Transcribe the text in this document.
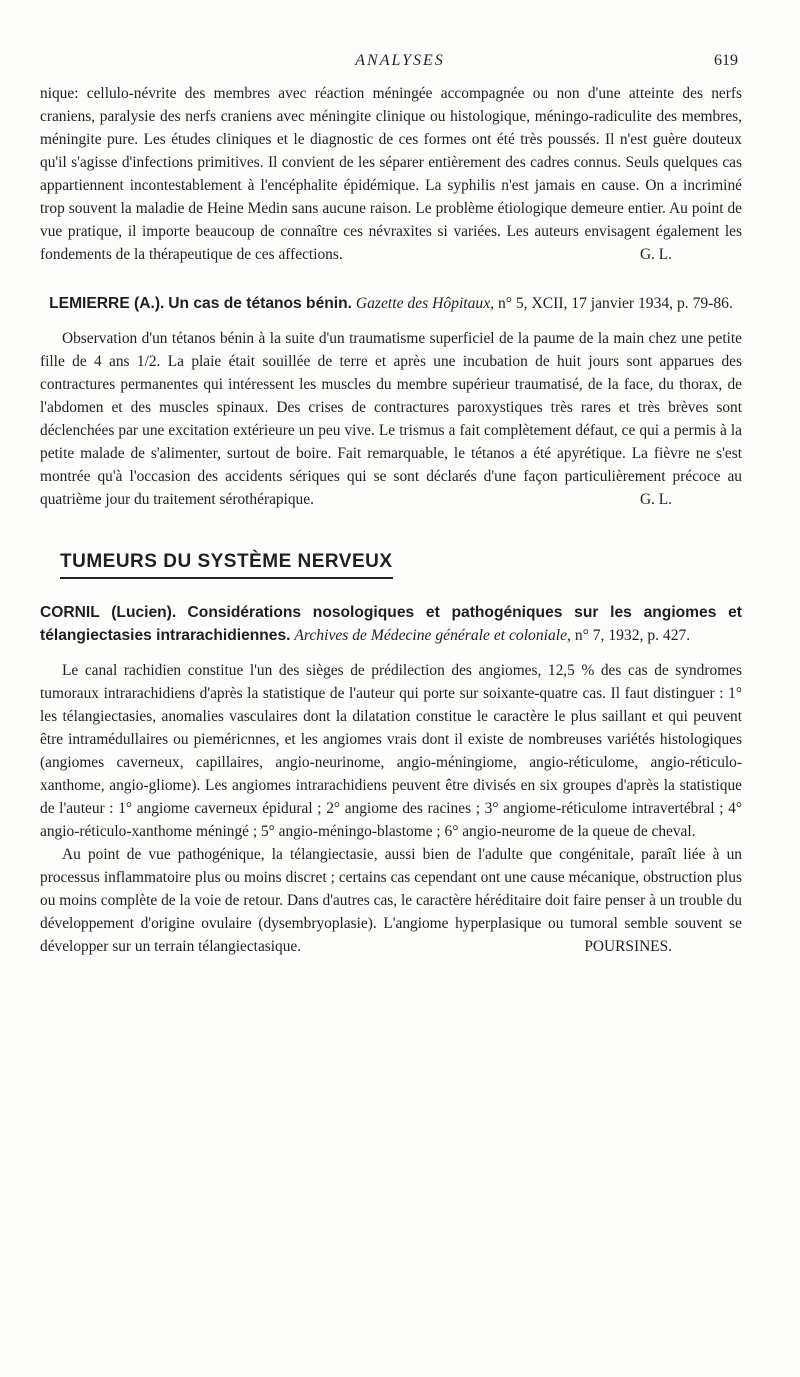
ANALYSES	619

nique: cellulo-névrite des membres avec réaction méningée accompagnée ou non d'une atteinte des nerfs craniens, paralysie des nerfs craniens avec méningite clinique ou histologique, méningo-radiculite des membres, méningite pure. Les études cliniques et le diagnostic de ces formes ont été très poussés. Il n'est guère douteux qu'il s'agisse d'infections primitives. Il convient de les séparer entièrement des cadres connus. Seuls quelques cas appartiennent incontestablement à l'encéphalite épidémique. La syphilis n'est jamais en cause. On a incriminé trop souvent la maladie de Heine Medin sans aucune raison. Le problème étiologique demeure entier. Au point de vue pratique, il importe beaucoup de connaître ces névraxites si variées. Les auteurs envisagent également les fondements de la thérapeutique de ces affections.	G. L.

LEMIERRE (A.). Un cas de tétanos bénin. Gazette des Hôpitaux, n° 5, XCII, 17 janvier 1934, p. 79-86.

Observation d'un tétanos bénin à la suite d'un traumatisme superficiel de la paume de la main chez une petite fille de 4 ans 1/2. La plaie était souillée de terre et après une incubation de huit jours sont apparues des contractures permanentes qui intéressent les muscles du membre supérieur traumatisé, de la face, du thorax, de l'abdomen et des muscles spinaux. Des crises de contractures paroxystiques très rares et très brèves sont déclenchées par une excitation extérieure un peu vive. Le trismus a fait complètement défaut, ce qui a permis à la petite malade de s'alimenter, surtout de boire. Fait remarquable, le tétanos a été apyrétique. La fièvre ne s'est montrée qu'à l'occasion des accidents sériques qui se sont déclarés d'une façon particulièrement précoce au quatrième jour du traitement sérothérapique.	G. L.

TUMEURS DU SYSTÈME NERVEUX
CORNIL (Lucien). Considérations nosologiques et pathogéniques sur les angiomes et télangiectasies intrarachidiennes. Archives de Médecine générale et coloniale, n° 7, 1932, p. 427.

Le canal rachidien constitue l'un des sièges de prédilection des angiomes, 12,5 % des cas de syndromes tumoraux intrarachidiens d'après la statistique de l'auteur qui porte sur soixante-quatre cas. Il faut distinguer : 1° les télangiectasies, anomalies vasculaires dont la dilatation constitue le caractère le plus saillant et qui peuvent être intramédullaires ou pieméricnnes, et les angiomes vrais dont il existe de nombreuses variétés histologiques (angiomes caverneux, capillaires, angio-neurinome, angio-méningiome, angio-réticulome, angio-réticulo-xanthome, angio-gliome). Les angiomes intrarachidiens peuvent être divisés en six groupes d'après la statistique de l'auteur : 1° angiome caverneux épidural ; 2° angiome des racines ; 3° angiome-réticulome intravertébral ; 4° angio-réticulo-xanthome méningé ; 5° angio-méningo-blastome ; 6° angio-neurome de la queue de cheval.

Au point de vue pathogénique, la télangiectasie, aussi bien de l'adulte que congénitale, paraît liée à un processus inflammatoire plus ou moins discret ; certains cas cependant ont une cause mécanique, obstruction plus ou moins complète de la voie de retour. Dans d'autres cas, le caractère héréditaire doit faire penser à un trouble du développement d'origine ovulaire (dysembryoplasie). L'angiome hyperplasique ou tumoral semble souvent se développer sur un terrain télangiectasique.	POURSINES.
